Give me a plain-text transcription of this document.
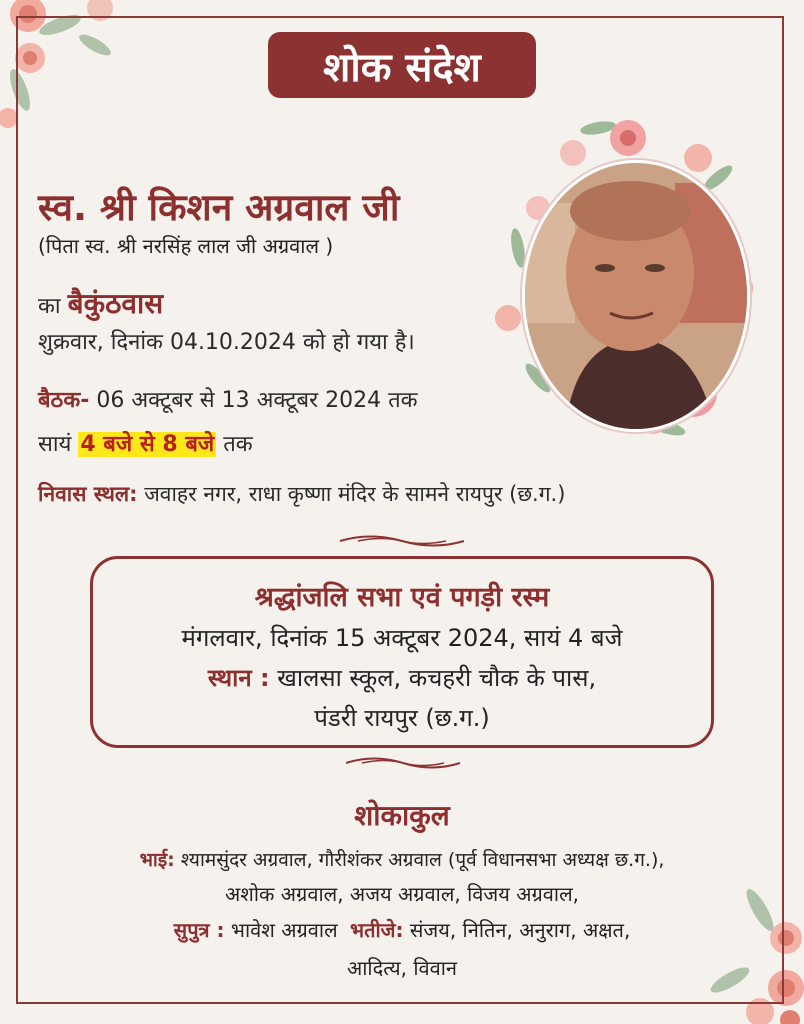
शोक संदेश
स्व. श्री किशन अग्रवाल जी
(पिता स्व. श्री नरसिंह लाल जी अग्रवाल )
का बैकुंठवास
शुक्रवार, दिनांक 04.10.2024 को हो गया है।
बैठक- 06 अक्टूबर से 13 अक्टूबर 2024 तक
सायं 4 बजे से 8 बजे तक
निवास स्थल: जवाहर नगर, राधा कृष्णा मंदिर के सामने रायपुर (छ.ग.)
श्रद्धांजलि सभा एवं पगड़ी रस्म
मंगलवार, दिनांक 15 अक्टूबर 2024, सायं 4 बजे
स्थान : खालसा स्कूल, कचहरी चौक के पास,
पंडरी रायपुर (छ.ग.)
शोकाकुल
भाई: श्यामसुंदर अग्रवाल, गौरीशंकर अग्रवाल (पूर्व विधानसभा अध्यक्ष छ.ग.),
अशोक अग्रवाल, अजय अग्रवाल, विजय अग्रवाल,
सुपुत्र : भावेश अग्रवाल भतीजे: संजय, नितिन, अनुराग, अक्षत,
आदित्य, विवान
